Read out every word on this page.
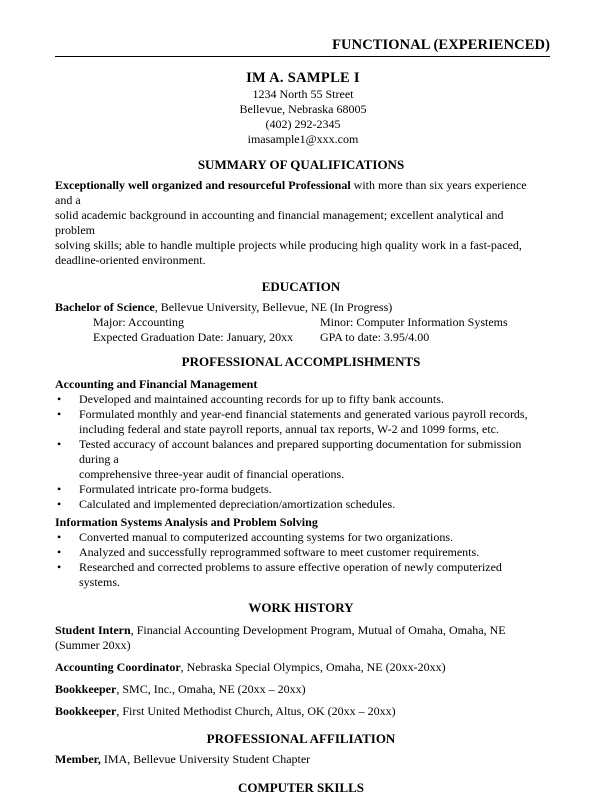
FUNCTIONAL (EXPERIENCED)
IM A. SAMPLE I
1234 North 55 Street
Bellevue, Nebraska 68005
(402) 292-2345
imasample1@xxx.com
SUMMARY OF QUALIFICATIONS
Exceptionally well organized and resourceful Professional with more than six years experience and a
solid academic background in accounting and financial management; excellent analytical and problem
solving skills; able to handle multiple projects while producing high quality work in a fast-paced,
deadline-oriented environment.
EDUCATION
Bachelor of Science, Bellevue University, Bellevue, NE (In Progress)
Major: Accounting	Minor: Computer Information Systems
Expected Graduation Date: January, 20xx	GPA to date: 3.95/4.00
PROFESSIONAL ACCOMPLISHMENTS
Accounting and Financial Management
• Developed and maintained accounting records for up to fifty bank accounts.
• Formulated monthly and year-end financial statements and generated various payroll records,
including federal and state payroll reports, annual tax reports, W-2 and 1099 forms, etc.
• Tested accuracy of account balances and prepared supporting documentation for submission during a
comprehensive three-year audit of financial operations.
• Formulated intricate pro-forma budgets.
• Calculated and implemented depreciation/amortization schedules.
Information Systems Analysis and Problem Solving
• Converted manual to computerized accounting systems for two organizations.
• Analyzed and successfully reprogrammed software to meet customer requirements.
• Researched and corrected problems to assure effective operation of newly computerized systems.
WORK HISTORY
Student Intern, Financial Accounting Development Program, Mutual of Omaha, Omaha, NE
(Summer 20xx)
Accounting Coordinator, Nebraska Special Olympics, Omaha, NE (20xx-20xx)
Bookkeeper, SMC, Inc., Omaha, NE (20xx – 20xx)
Bookkeeper, First United Methodist Church, Altus, OK (20xx – 20xx)
PROFESSIONAL AFFILIATION
Member, IMA, Bellevue University Student Chapter
COMPUTER SKILLS
